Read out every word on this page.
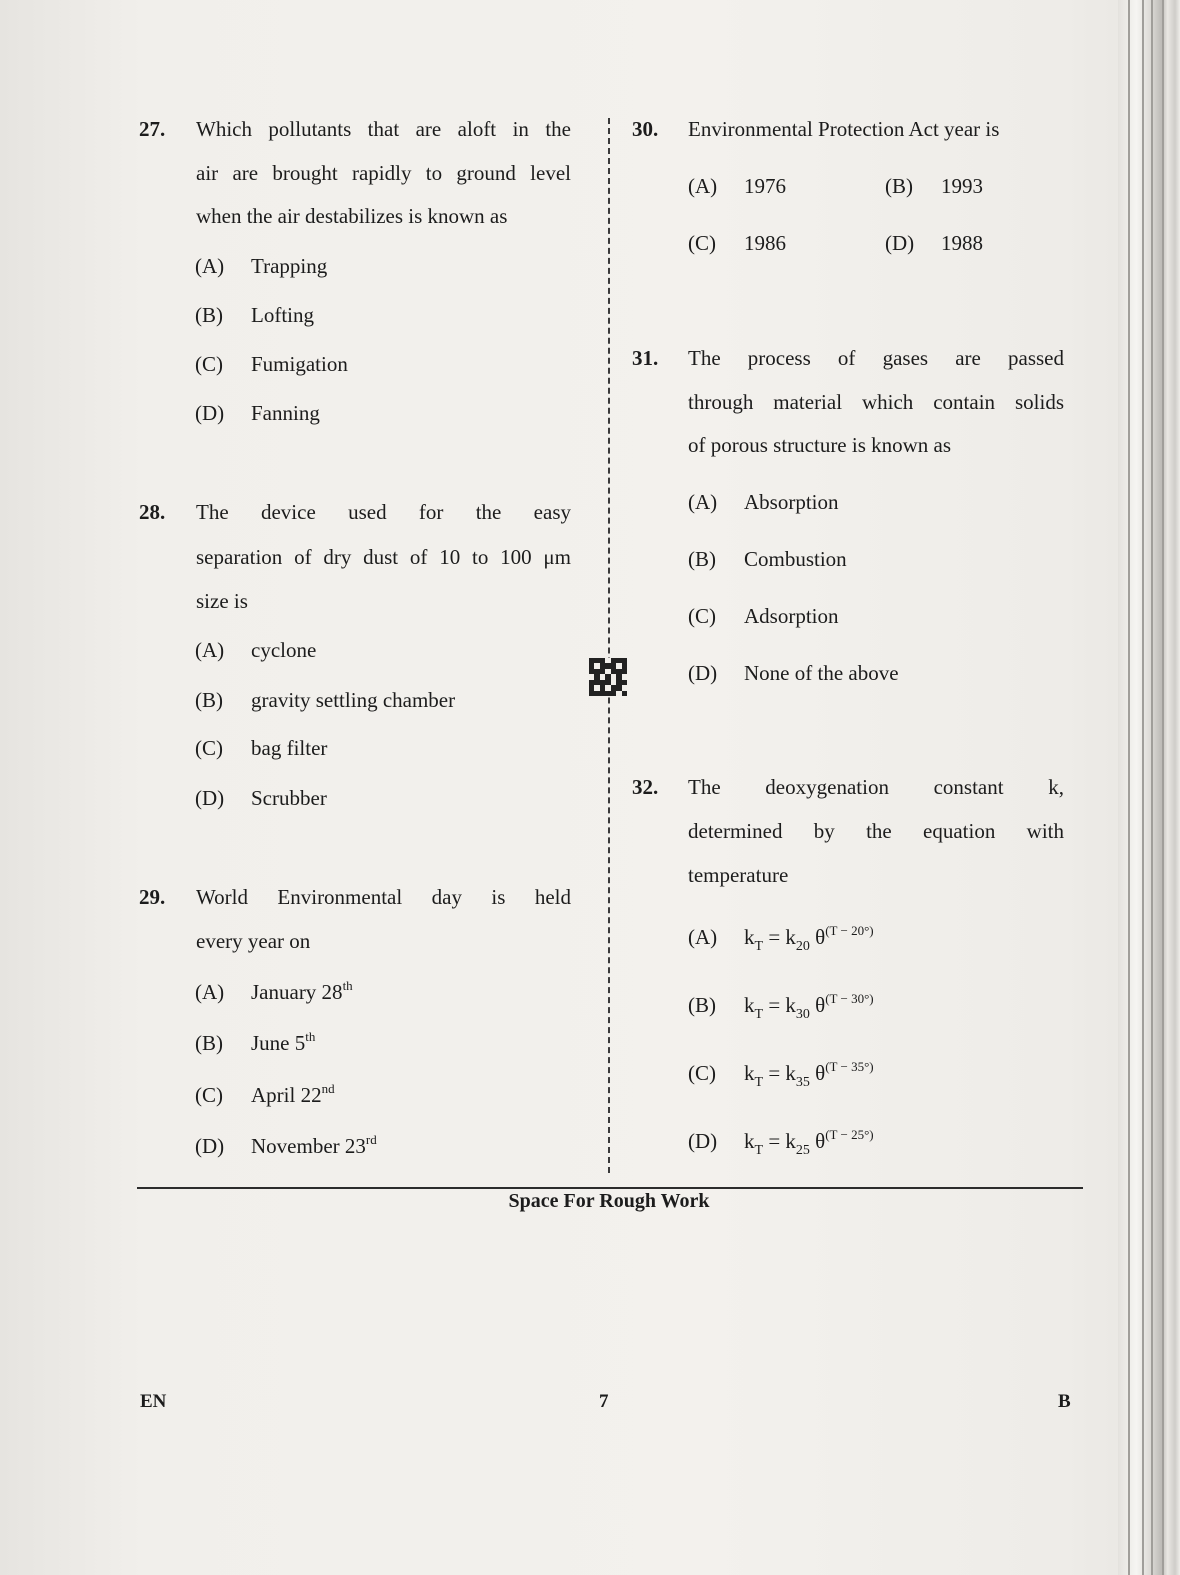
27. Which pollutants that are aloft in the
air are brought rapidly to ground level
when the air destabilizes is known as
(A) Trapping
(B) Lofting
(C) Fumigation
(D) Fanning
28. The device used for the easy
separation of dry dust of 10 to 100 μm
size is
(A) cyclone
(B) gravity settling chamber
(C) bag filter
(D) Scrubber
29. World Environmental day is held
every year on
(A) January 28th
(B) June 5th
(C) April 22nd
(D) November 23rd
30. Environmental Protection Act year is
(A) 1976	(B) 1993
(C) 1986	(D) 1988
31. The process of gases are passed
through material which contain solids
of porous structure is known as
(A) Absorption
(B) Combustion
(C) Adsorption
(D) None of the above
32. The deoxygenation constant k,
determined by the equation with
temperature
(A) $k_T = k_{20}$ $\theta^{(T - 20^\circ)}$
(B) $k_T = k_{30}$ $\theta^{(T - 30^\circ)}$
(C) $k_T = k_{35}$ $\theta^{(T - 35^\circ)}$
(D) $k_T = k_{25}$ $\theta^{(T - 25^\circ)}$
Space For Rough Work
EN	7	B
